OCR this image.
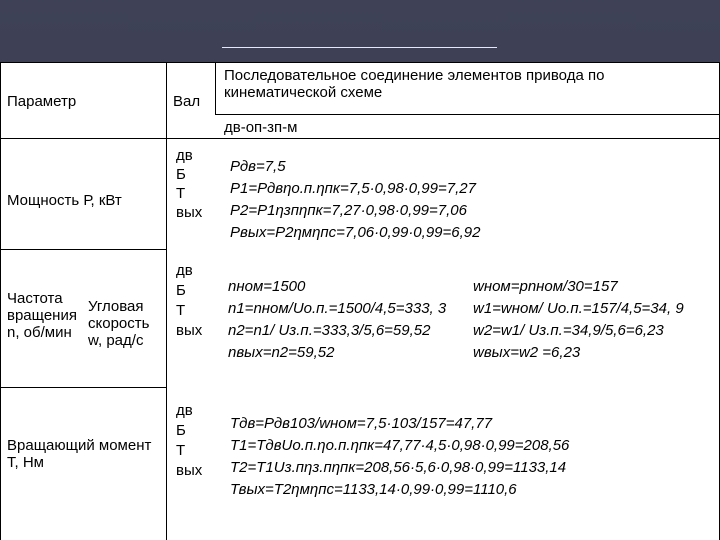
Параметр	Вал
Последовательное соединение элементов привода по кинематической схеме
дв-оп-зп-м
Мощность Р, кВт
дв
Б
Т
вых
Рдв=7,5
Р1=Рдвηо.п.ηпк=7,5·0,98·0,99=7,27
Р2=Р1ηзпηпк=7,27·0,98·0,99=7,06
Рвых=Р2ηмηпс=7,06·0,99·0,99=6,92
Частота вращения n, об/мин
Угловая скорость w, рад/с
дв
Б
Т
вых
nном=1500
n1=nном/Uо.п.=1500/4,5=333, 3
n2=n1/ Uз.п.=333,3/5,6=59,52
nвых=n2=59,52
wном=pnном/30=157
w1=wном/ Uо.п.=157/4,5=34, 9
w2=w1/ Uз.п.=34,9/5,6=6,23
wвых=w2 =6,23
Вращающий момент Т, Нм
дв
Б
Т
вых
Тдв=Рдв103/wном=7,5·103/157=47,77
Т1=ТдвUо.п.ηо.п.ηпк=47,77·4,5·0,98·0,99=208,56
Т2=Т1Uз.пηз.пηпк=208,56·5,6·0,98·0,99=1133,14
Твых=Т2ηмηпс=1133,14·0,99·0,99=1110,6
